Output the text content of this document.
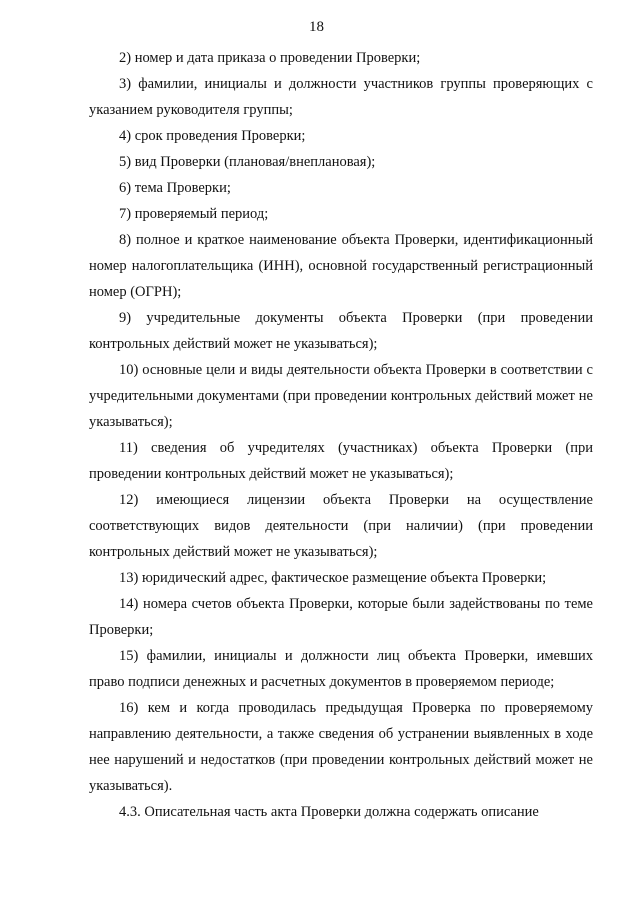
18

2) номер и дата приказа о проведении Проверки;

3) фамилии, инициалы и должности участников группы проверяющих с указанием руководителя группы;

4) срок проведения Проверки;

5) вид Проверки (плановая/внеплановая);

6) тема Проверки;

7) проверяемый период;

8) полное и краткое наименование объекта Проверки, идентификационный номер налогоплательщика (ИНН), основной государственный регистрационный номер (ОГРН);

9) учредительные документы объекта Проверки (при проведении контрольных действий может не указываться);

10) основные цели и виды деятельности объекта Проверки в соответствии с учредительными документами (при проведении контрольных действий может не указываться);

11) сведения об учредителях (участниках) объекта Проверки (при проведении контрольных действий может не указываться);

12) имеющиеся лицензии объекта Проверки на осуществление соответствующих видов деятельности (при наличии) (при проведении контрольных действий может не указываться);

13) юридический адрес, фактическое размещение объекта Проверки;

14) номера счетов объекта Проверки, которые были задействованы по теме Проверки;

15) фамилии, инициалы и должности лиц объекта Проверки, имевших право подписи денежных и расчетных документов в проверяемом периоде;

16) кем и когда проводилась предыдущая Проверка по проверяемому направлению деятельности, а также сведения об устранении выявленных в ходе нее нарушений и недостатков (при проведении контрольных действий может не указываться).

4.3. Описательная часть акта Проверки должна содержать описание
